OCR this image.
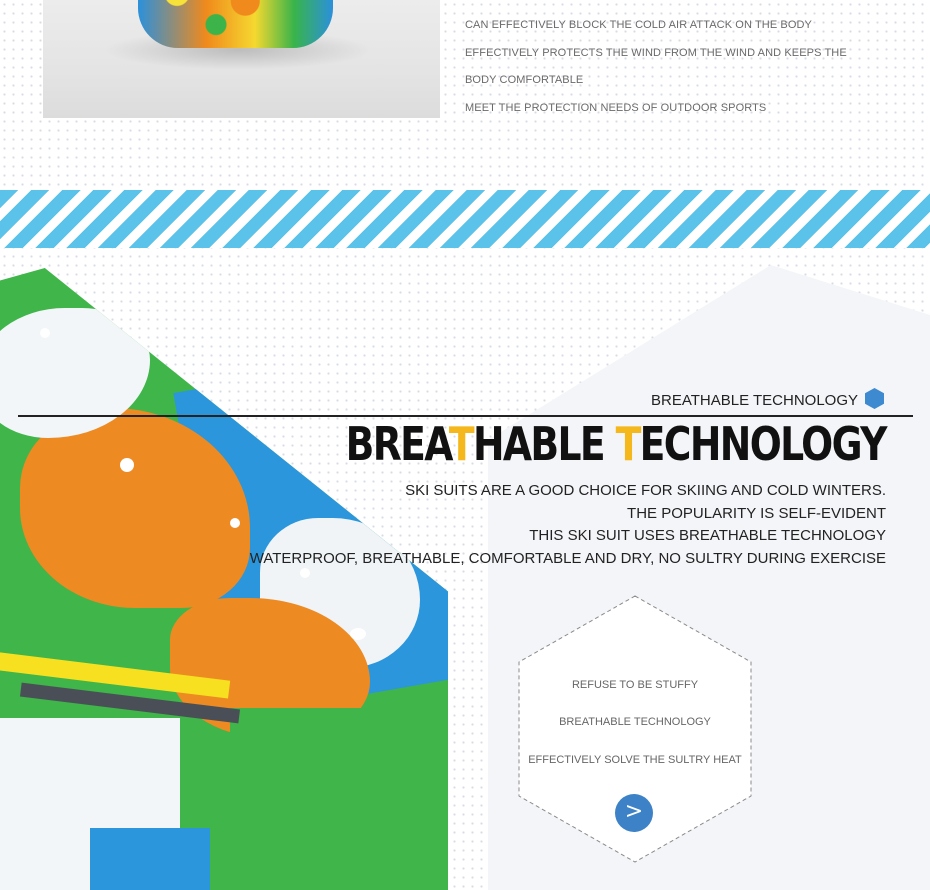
CAN EFFECTIVELY BLOCK THE COLD AIR ATTACK ON THE BODY
EFFECTIVELY PROTECTS THE WIND FROM THE WIND AND KEEPS THE
BODY COMFORTABLE
MEET THE PROTECTION NEEDS OF OUTDOOR SPORTS
BREATHABLE TECHNOLOGY
BREATHABLE TECHNOLOGY
SKI SUITS ARE A GOOD CHOICE FOR SKIING AND COLD WINTERS.
THE POPULARITY IS SELF-EVIDENT
THIS SKI SUIT USES BREATHABLE TECHNOLOGY
WATERPROOF, BREATHABLE, COMFORTABLE AND DRY, NO SULTRY DURING EXERCISE
REFUSE TO BE STUFFY
BREATHABLE TECHNOLOGY
EFFECTIVELY SOLVE THE SULTRY HEAT
>
